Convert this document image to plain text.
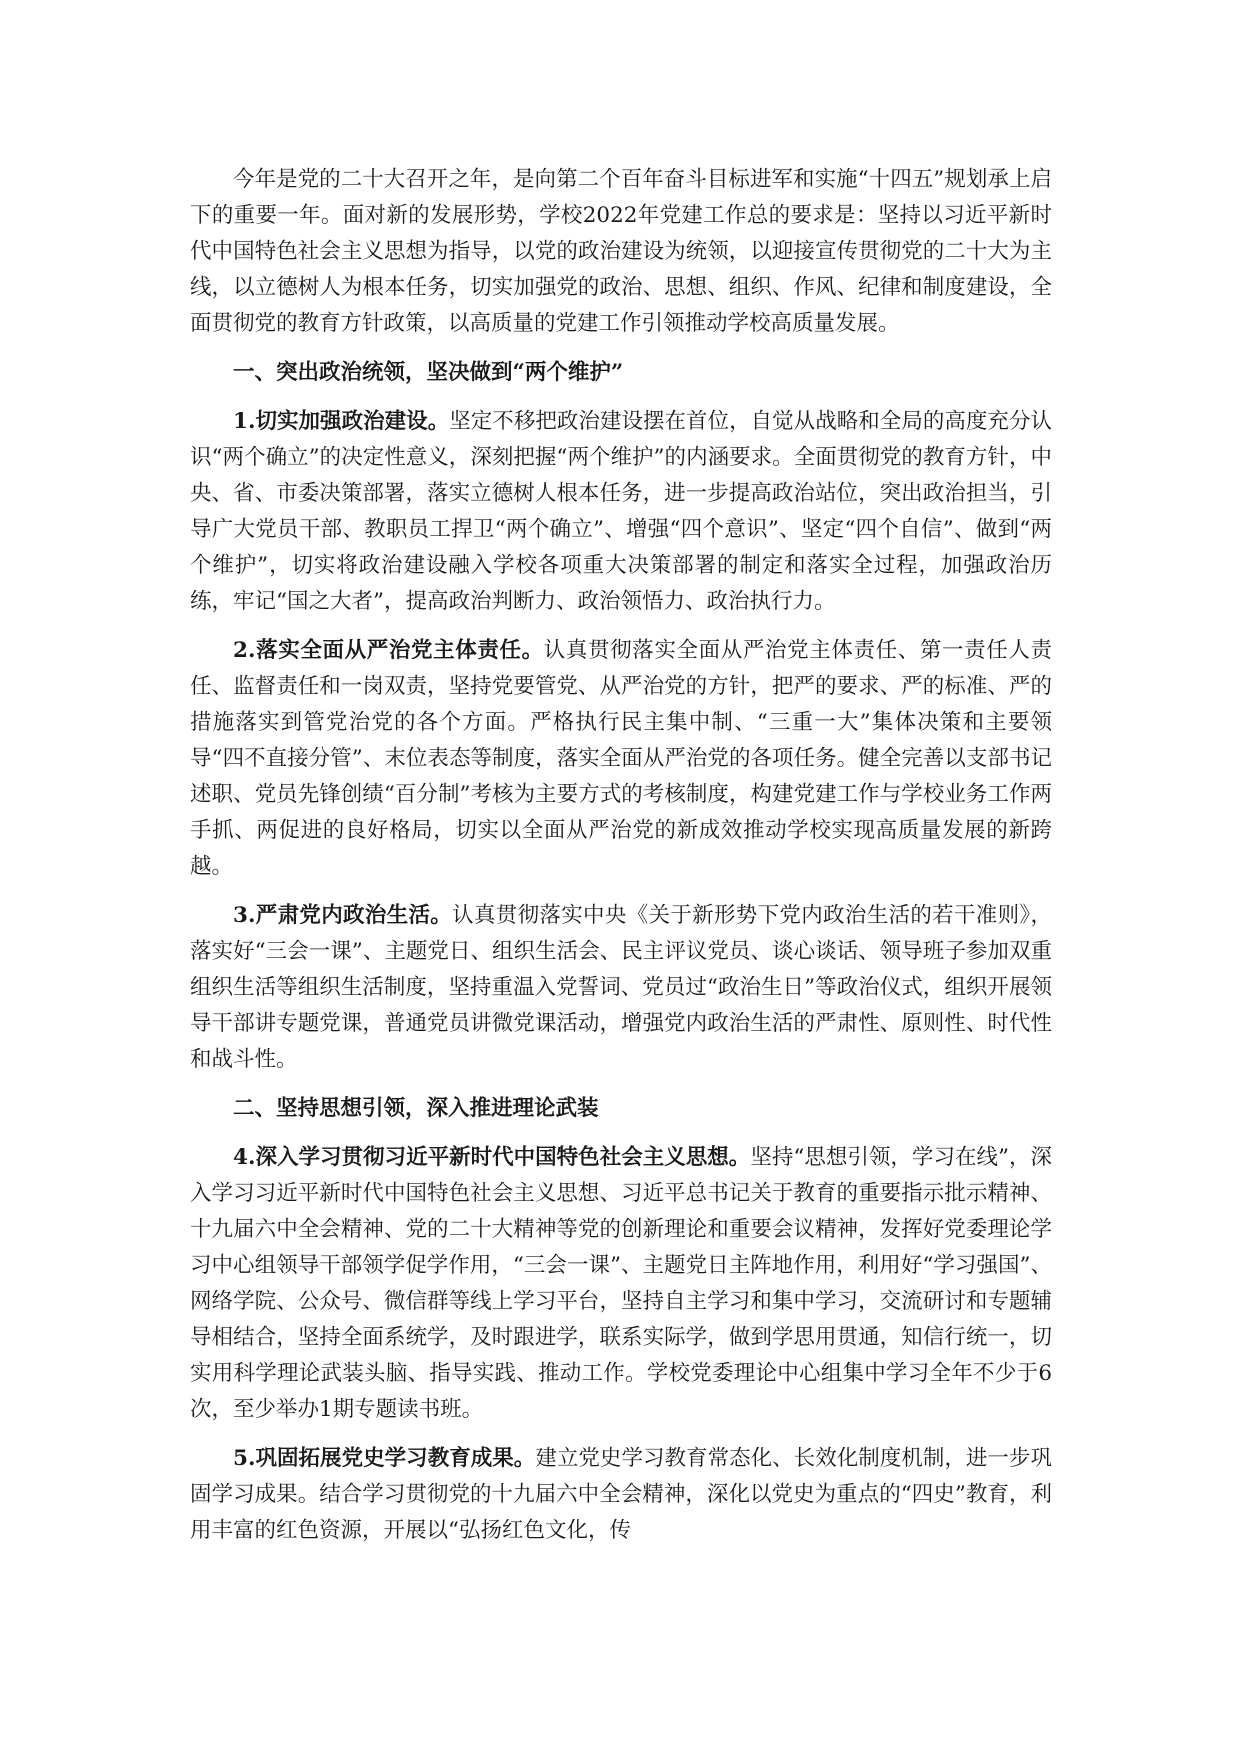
今年是党的二十大召开之年，是向第二个百年奋斗目标进军和实施“十四五”规划承上启下的重要一年。面对新的发展形势，学校2022年党建工作总的要求是：坚持以习近平新时代中国特色社会主义思想为指导，以党的政治建设为统领，以迎接宣传贯彻党的二十大为主线，以立德树人为根本任务，切实加强党的政治、思想、组织、作风、纪律和制度建设，全面贯彻党的教育方针政策，以高质量的党建工作引领推动学校高质量发展。

一、突出政治统领，坚决做到“两个维护”

1.切实加强政治建设。坚定不移把政治建设摆在首位，自觉从战略和全局的高度充分认识“两个确立”的决定性意义，深刻把握“两个维护”的内涵要求。全面贯彻党的教育方针，中央、省、市委决策部署，落实立德树人根本任务，进一步提高政治站位，突出政治担当，引导广大党员干部、教职员工捍卫“两个确立”、增强“四个意识”、坚定“四个自信”、做到“两个维护”，切实将政治建设融入学校各项重大决策部署的制定和落实全过程，加强政治历练，牢记“国之大者”，提高政治判断力、政治领悟力、政治执行力。

2.落实全面从严治党主体责任。认真贯彻落实全面从严治党主体责任、第一责任人责任、监督责任和一岗双责，坚持党要管党、从严治党的方针，把严的要求、严的标准、严的措施落实到管党治党的各个方面。严格执行民主集中制、“三重一大”集体决策和主要领导“四不直接分管”、末位表态等制度，落实全面从严治党的各项任务。健全完善以支部书记述职、党员先锋创绩“百分制”考核为主要方式的考核制度，构建党建工作与学校业务工作两手抓、两促进的良好格局，切实以全面从严治党的新成效推动学校实现高质量发展的新跨越。

3.严肃党内政治生活。认真贯彻落实中央《关于新形势下党内政治生活的若干准则》，落实好“三会一课”、主题党日、组织生活会、民主评议党员、谈心谈话、领导班子参加双重组织生活等组织生活制度，坚持重温入党誓词、党员过“政治生日”等政治仪式，组织开展领导干部讲专题党课，普通党员讲微党课活动，增强党内政治生活的严肃性、原则性、时代性和战斗性。

二、坚持思想引领，深入推进理论武装

4.深入学习贯彻习近平新时代中国特色社会主义思想。坚持“思想引领，学习在线”，深入学习习近平新时代中国特色社会主义思想、习近平总书记关于教育的重要指示批示精神、十九届六中全会精神、党的二十大精神等党的创新理论和重要会议精神，发挥好党委理论学习中心组领导干部领学促学作用，“三会一课”、主题党日主阵地作用，利用好“学习强国”、网络学院、公众号、微信群等线上学习平台，坚持自主学习和集中学习，交流研讨和专题辅导相结合，坚持全面系统学，及时跟进学，联系实际学，做到学思用贯通，知信行统一，切实用科学理论武装头脑、指导实践、推动工作。学校党委理论中心组集中学习全年不少于6次，至少举办1期专题读书班。

5.巩固拓展党史学习教育成果。建立党史学习教育常态化、长效化制度机制，进一步巩固学习成果。结合学习贯彻党的十九届六中全会精神，深化以党史为重点的“四史”教育，利用丰富的红色资源，开展以“弘扬红色文化，传
